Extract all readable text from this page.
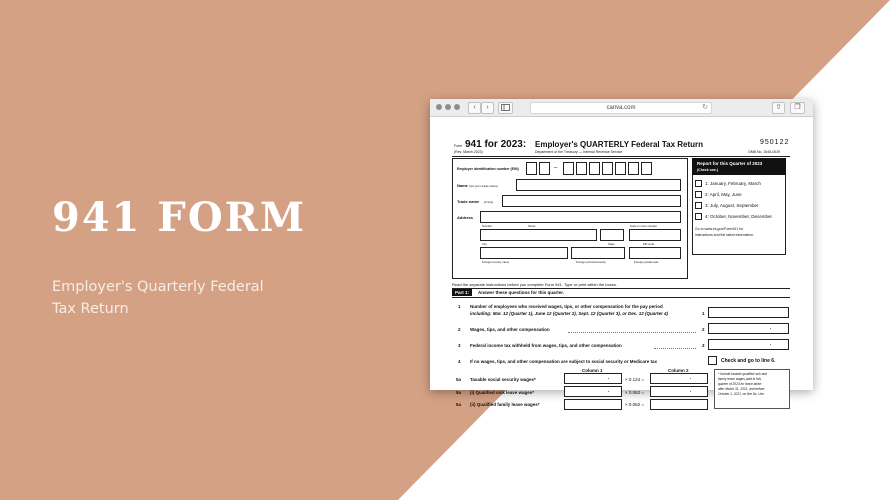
941 FORM

Employer's Quarterly Federal Tax Return

‹	›	canva.com	↻	⇧	❐
Form 941 for 2023: Employer's QUARTERLY Federal Tax Return
(Rev. March 2023)	Department of the Treasury — Internal Revenue Service
950122
OMB No. 1545-0029
Employer identification number (EIN)	–
Name (not your trade name)
Trade name (if any)
Address
Number	Street	Suite or room number
City	State	ZIP code
Foreign country name	Foreign province/county	Foreign postal code
Report for this Quarter of 2023
(Check one.)
1: January, February, March
2: April, May, June
3: July, August, September
4: October, November, December
Go to www.irs.gov/Form941 for
instructions and the latest information.
Read the separate instructions before you complete Form 941. Type or print within the boxes.
Part 1:	Answer these questions for this quarter.
1 Number of employees who received wages, tips, or other compensation for the pay period
including: Mar. 12 (Quarter 1), June 12 (Quarter 2), Sept. 12 (Quarter 3), or Dec. 12 (Quarter 4)	1
2 Wages, tips, and other compensation	2	.
3 Federal income tax withheld from wages, tips, and other compensation	3	.
4 If no wages, tips, and other compensation are subject to social security or Medicare tax	Check and go to line 6.
Column 1	Column 2
5a Taxable social security wages*	.	× 0.124 =	.
5a (i) Qualified sick leave wages*	.	× 0.062 =	.
5a (ii) Qualified family leave wages*	× 0.062 =
* Include taxable qualified sick and
family leave wages paid in this
quarter of 2023 for leave taken
after March 31, 2021, and before
October 1, 2021, on line 5a. Use
